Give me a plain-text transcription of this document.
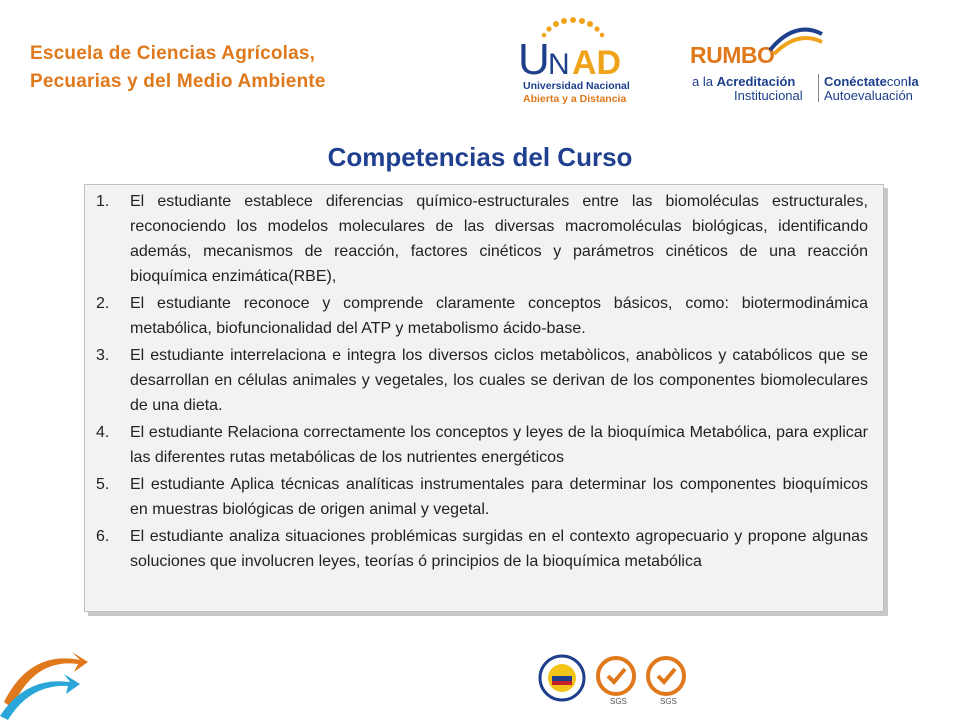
Escuela de Ciencias Agrícolas,
Pecuarias y del Medio Ambiente	U
N AD
Universidad Nacional
Abierta y a Distancia
RUMBO
a la Acreditación
Institucional
Conéctateconla
Autoevaluación
Competencias del Curso
1. El estudiante establece diferencias químico-estructurales entre las biomoléculas estructurales, reconociendo los modelos moleculares de las diversas macromoléculas biológicas, identificando además, mecanismos de reacción, factores cinéticos y parámetros cinéticos de una reacción bioquímica enzimática(RBE),
2. El estudiante reconoce y comprende claramente conceptos básicos, como: biotermodinámica metabólica, biofuncionalidad del ATP y metabolismo ácido-base.
3. El estudiante interrelaciona e integra los diversos ciclos metabòlicos, anabòlicos y catabólicos que se desarrollan en células animales y vegetales, los cuales se derivan de los componentes biomoleculares de una dieta.
4. El estudiante Relaciona correctamente los conceptos y leyes de la bioquímica Metabólica, para explicar las diferentes rutas metabólicas de los nutrientes energéticos
5. El estudiante Aplica técnicas analíticas instrumentales para determinar los componentes bioquímicos en muestras biológicas de origen animal y vegetal.
6. El estudiante analiza situaciones problémicas surgidas en el contexto agropecuario y propone algunas soluciones que involucren leyes, teorías ó principios de la bioquímica metabólica
SGS	SGS
